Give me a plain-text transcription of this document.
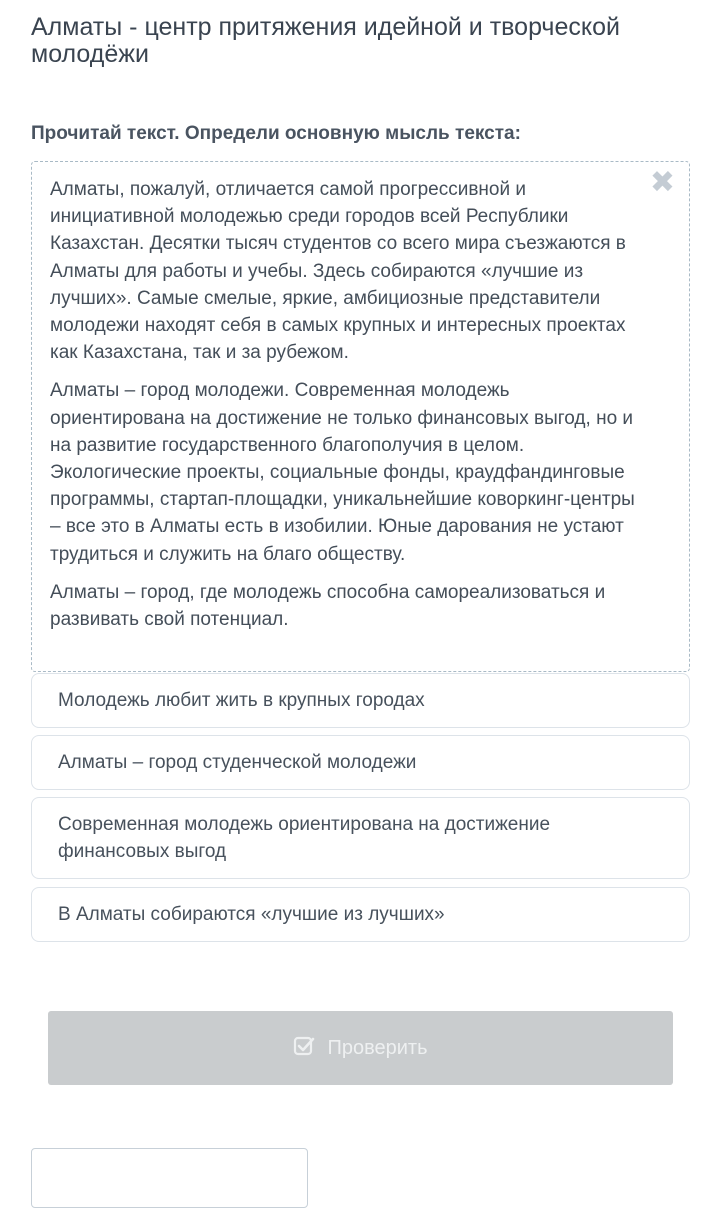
Алматы - центр притяжения идейной и творческой молодёжи
Прочитай текст. Определи основную мысль текста:
✖

Алматы, пожалуй, отличается самой прогрессивной и инициативной молодежью среди городов всей Республики Казахстан. Десятки тысяч студентов со всего мира съезжаются в Алматы для работы и учебы. Здесь собираются «лучшие из лучших». Самые смелые, яркие, амбициозные представители молодежи находят себя в самых крупных и интересных проектах как Казахстана, так и за рубежом.

Алматы – город молодежи. Современная молодежь ориентирована на достижение не только финансовых выгод, но и на развитие государственного благополучия в целом. Экологические проекты, социальные фонды, краудфандинговые программы, стартап-площадки, уникальнейшие коворкинг-центры – все это в Алматы есть в изобилии. Юные дарования не устают трудиться и служить на благо обществу.

Алматы – город, где молодежь способна самореализоваться и развивать свой потенциал.

Молодежь любит жить в крупных городах
Алматы – город студенческой молодежи
Современная молодежь ориентирована на достижение финансовых выгод
В Алматы собираются «лучшие из лучших»
Проверить
